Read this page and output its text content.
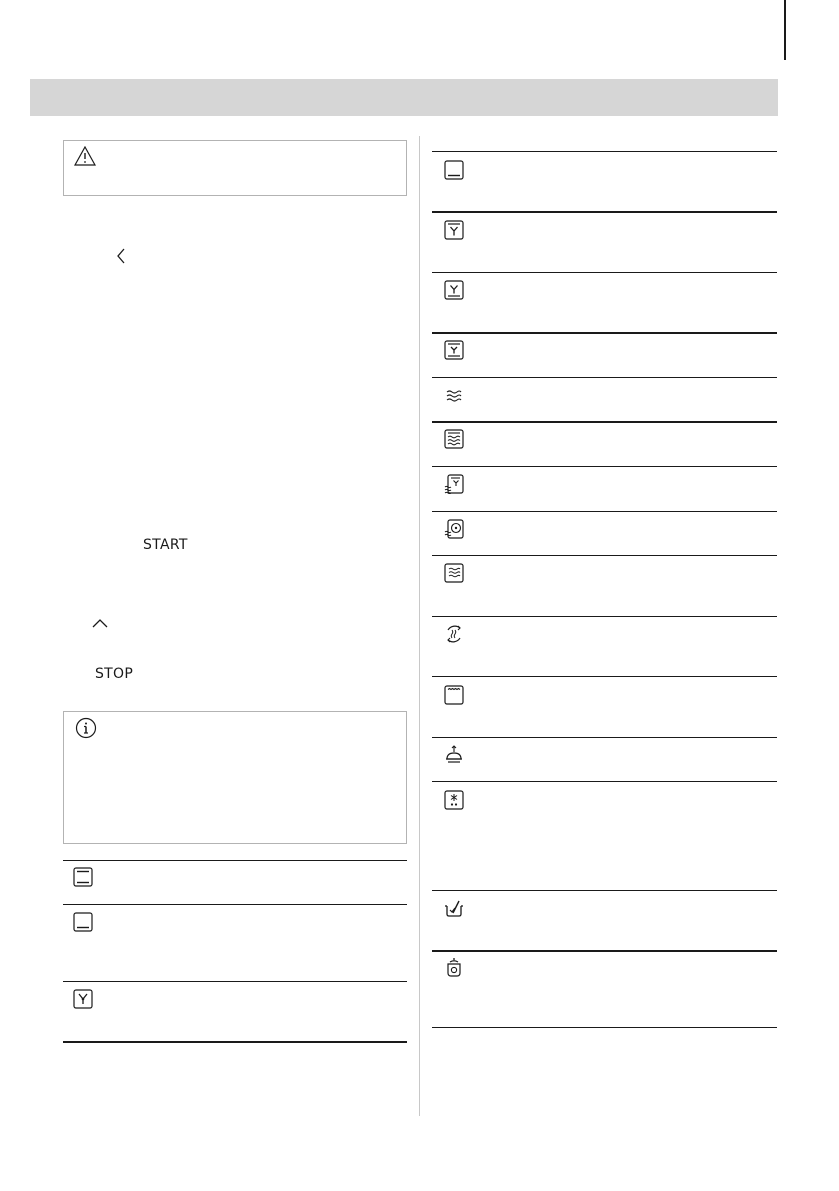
START
STOP
